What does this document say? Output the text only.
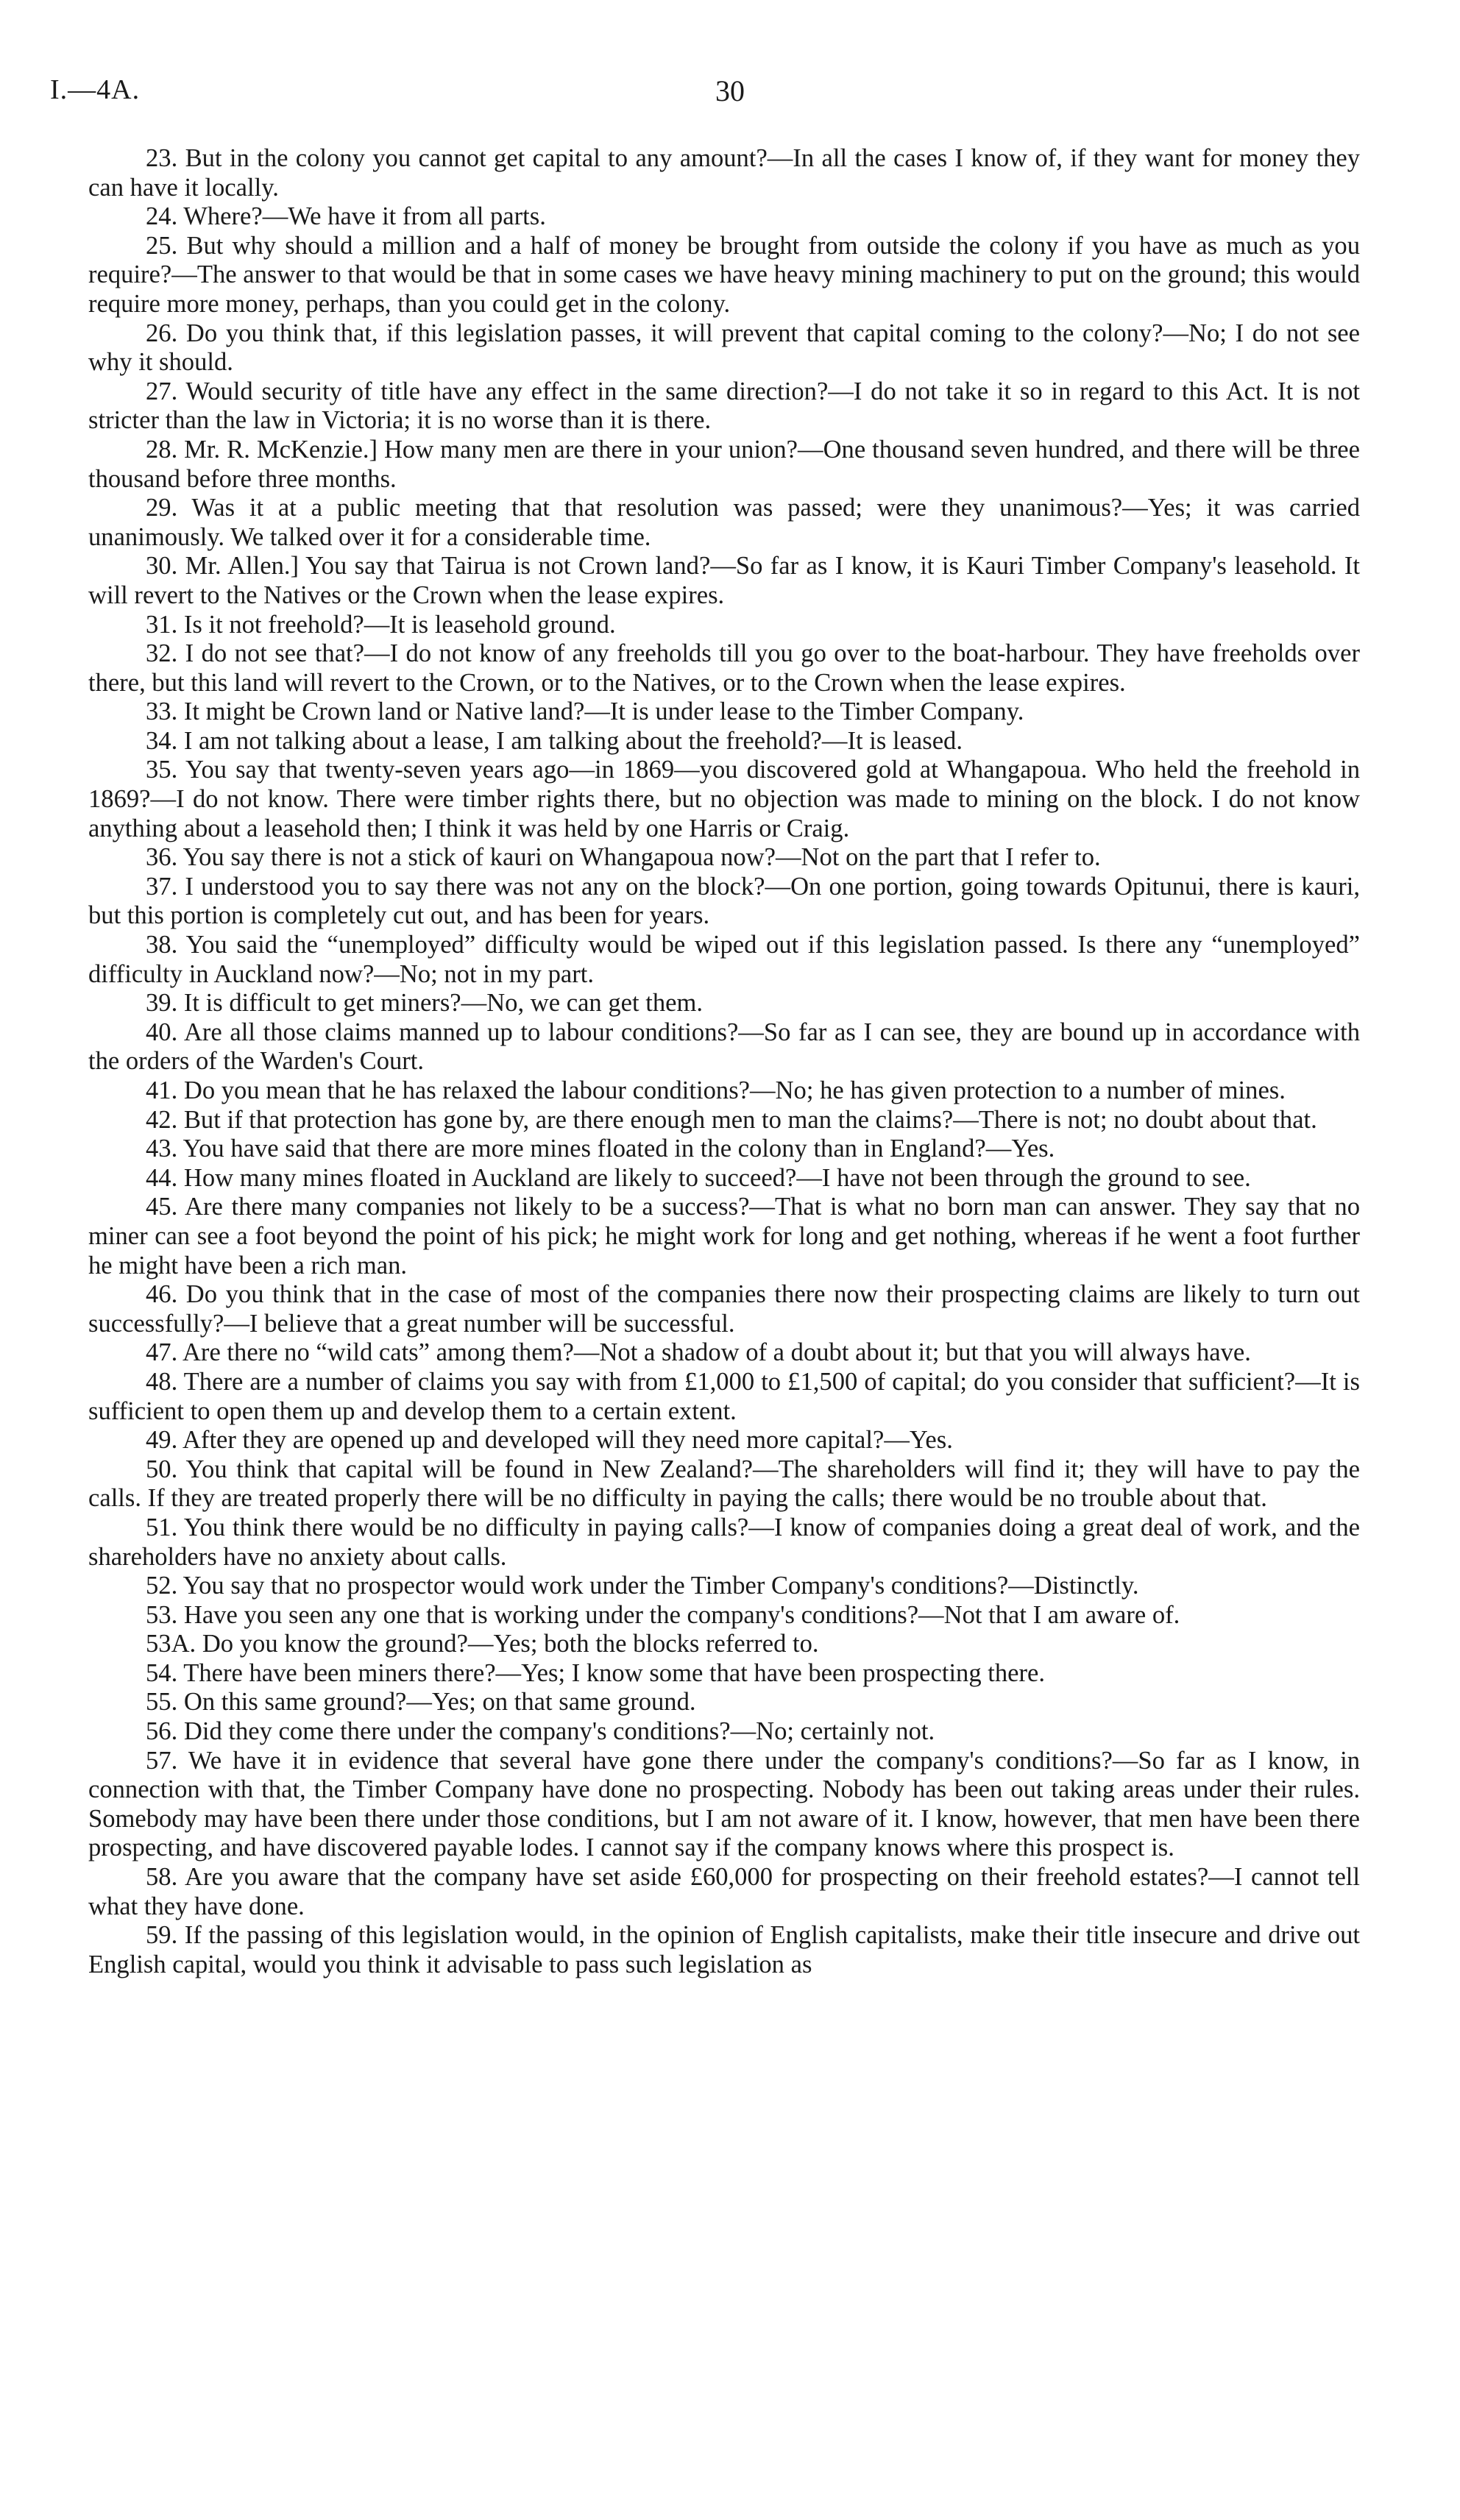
I.—4A.	30

23. But in the colony you cannot get capital to any amount?—In all the cases I know of, if they want for money they can have it locally.

24. Where?—We have it from all parts.

25. But why should a million and a half of money be brought from outside the colony if you have as much as you require?—The answer to that would be that in some cases we have heavy mining machinery to put on the ground; this would require more money, perhaps, than you could get in the colony.

26. Do you think that, if this legislation passes, it will prevent that capital coming to the colony?—No; I do not see why it should.

27. Would security of title have any effect in the same direction?—I do not take it so in regard to this Act. It is not stricter than the law in Victoria; it is no worse than it is there.

28. Mr. R. McKenzie.] How many men are there in your union?—One thousand seven hundred, and there will be three thousand before three months.

29. Was it at a public meeting that that resolution was passed; were they unanimous?—Yes; it was carried unanimously. We talked over it for a considerable time.

30. Mr. Allen.] You say that Tairua is not Crown land?—So far as I know, it is Kauri Timber Company's leasehold. It will revert to the Natives or the Crown when the lease expires.

31. Is it not freehold?—It is leasehold ground.

32. I do not see that?—I do not know of any freeholds till you go over to the boat-harbour. They have freeholds over there, but this land will revert to the Crown, or to the Natives, or to the Crown when the lease expires.

33. It might be Crown land or Native land?—It is under lease to the Timber Company.

34. I am not talking about a lease, I am talking about the freehold?—It is leased.

35. You say that twenty-seven years ago—in 1869—you discovered gold at Whangapoua. Who held the freehold in 1869?—I do not know. There were timber rights there, but no objection was made to mining on the block. I do not know anything about a leasehold then; I think it was held by one Harris or Craig.

36. You say there is not a stick of kauri on Whangapoua now?—Not on the part that I refer to.

37. I understood you to say there was not any on the block?—On one portion, going towards Opitunui, there is kauri, but this portion is completely cut out, and has been for years.

38. You said the “unemployed” difficulty would be wiped out if this legislation passed. Is there any “unemployed” difficulty in Auckland now?—No; not in my part.

39. It is difficult to get miners?—No, we can get them.

40. Are all those claims manned up to labour conditions?—So far as I can see, they are bound up in accordance with the orders of the Warden's Court.

41. Do you mean that he has relaxed the labour conditions?—No; he has given protection to a number of mines.

42. But if that protection has gone by, are there enough men to man the claims?—There is not; no doubt about that.

43. You have said that there are more mines floated in the colony than in England?—Yes.

44. How many mines floated in Auckland are likely to succeed?—I have not been through the ground to see.

45. Are there many companies not likely to be a success?—That is what no born man can answer. They say that no miner can see a foot beyond the point of his pick; he might work for long and get nothing, whereas if he went a foot further he might have been a rich man.

46. Do you think that in the case of most of the companies there now their prospecting claims are likely to turn out successfully?—I believe that a great number will be successful.

47. Are there no “wild cats” among them?—Not a shadow of a doubt about it; but that you will always have.

48. There are a number of claims you say with from £1,000 to £1,500 of capital; do you consider that sufficient?—It is sufficient to open them up and develop them to a certain extent.

49. After they are opened up and developed will they need more capital?—Yes.

50. You think that capital will be found in New Zealand?—The shareholders will find it; they will have to pay the calls. If they are treated properly there will be no difficulty in paying the calls; there would be no trouble about that.

51. You think there would be no difficulty in paying calls?—I know of companies doing a great deal of work, and the shareholders have no anxiety about calls.

52. You say that no prospector would work under the Timber Company's conditions?—Distinctly.

53. Have you seen any one that is working under the company's conditions?—Not that I am aware of.

53A. Do you know the ground?—Yes; both the blocks referred to.

54. There have been miners there?—Yes; I know some that have been prospecting there.

55. On this same ground?—Yes; on that same ground.

56. Did they come there under the company's conditions?—No; certainly not.

57. We have it in evidence that several have gone there under the company's conditions?—So far as I know, in connection with that, the Timber Company have done no prospecting. Nobody has been out taking areas under their rules. Somebody may have been there under those conditions, but I am not aware of it. I know, however, that men have been there prospecting, and have discovered payable lodes. I cannot say if the company knows where this prospect is.

58. Are you aware that the company have set aside £60,000 for prospecting on their freehold estates?—I cannot tell what they have done.

59. If the passing of this legislation would, in the opinion of English capitalists, make their title insecure and drive out English capital, would you think it advisable to pass such legislation as
